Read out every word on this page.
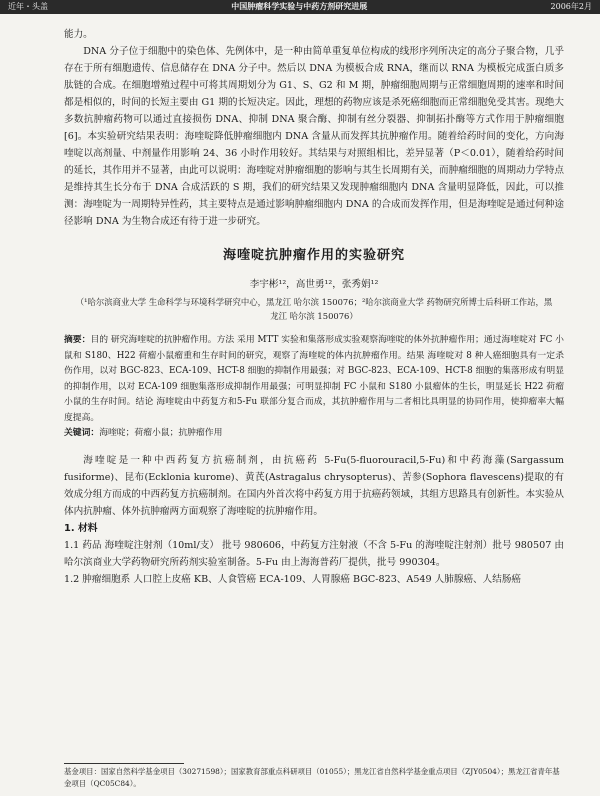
近年・头盖	中国肿瘤科学实验与中药方剂研究进展	2006年2月

能力。

DNA 分子位于细胞中的染色体、先例体中，是一种由简单重复单位构成的线形序列所决定的高分子聚合物，几乎存在于所有细胞遗传、信息储存在 DNA 分子中。然后以 DNA 为模板合成 RNA，继而以 RNA 为模板完成蛋白质多肽链的合成。在细胞增殖过程中可将其周期划分为 G1、S、G2 和 M 期，肿瘤细胞周期与正常细胞周期的速率和时间都是相似的，时间的长短主要由 G1 期的长短决定。因此，理想的药物应该是杀死癌细胞而正常细胞免受其害。现绝大多数抗肿瘤药物可以通过直接损伤 DNA、抑制 DNA 聚合酶、抑制有丝分裂器、抑制拓扑酶等方式作用于肿瘤细胞[6]。本实验研究结果表明：海喹啶降低肿瘤细胞内 DNA 含量从而发挥其抗肿瘤作用。随着给药时间的变化，方向海喹啶以高剂量、中剂量作用影响 24、36 小时作用较好。其结果与对照组相比，差异显著（P＜0.01），随着给药时间的延长，其作用并不显著，由此可以说明：海喹啶对肿瘤细胞的影响与其生长周期有关，而肿瘤细胞的周期动力学特点是维持其生长分布于 DNA 合成活跃的 S 期，我们的研究结果又发现肿瘤细胞内 DNA 含量明显降低，因此，可以推测：海喹啶为一周期特异性药，其主要特点是通过影响肿瘤细胞内 DNA 的合成而发挥作用，但是海喹啶是通过何种途径影响 DNA 为生物合成还有待于进一步研究。

海喹啶抗肿瘤作用的实验研究
李宇彬¹²，高世勇¹²，张秀娟¹²
（¹哈尔滨商业大学 生命科学与环境科学研究中心，黑龙江 哈尔滨 150076；²哈尔滨商业大学 药物研究所博士后科研工作站，黑龙江 哈尔滨 150076）

摘要：目的 研究海喹啶的抗肿瘤作用。方法 采用 MTT 实验和集落形成实验观察海喹啶的体外抗肿瘤作用；通过海喹啶对 FC 小鼠和 S180、H22 荷瘤小鼠瘤重和生存时间的研究，观察了海喹啶的体内抗肿瘤作用。结果 海喹啶对 8 种人癌细胞具有一定杀伤作用，以对 BGC-823、ECA-109、HCT-8 细胞的抑制作用最强；对 BGC-823、ECA-109、HCT-8 细胞的集落形成有明显的抑制作用，以对 ECA-109 细胞集落形成抑制作用最强；可明显抑制 FC 小鼠和 S180 小鼠瘤体的生长，明显延长 H22 荷瘤小鼠的生存时间。结论 海喹啶由中药复方和5-Fu 联部分复合而成，其抗肿瘤作用与二者相比具明显的协同作用，使抑瘤率大幅度提高。

关键词：海喹啶；荷瘤小鼠；抗肿瘤作用

海喹啶是一种中西药复方抗癌制剂，由抗癌药 5-Fu(5-fluorouracil,5-Fu)和中药海藻(Sargassum fusiforme)、昆布(Ecklonia kurome)、黄芪(Astragalus chrysopterus)、苦参(Sophora flavescens)提取的有效成分组方而成的中西药复方抗癌制剂。在国内外首次将中药复方用于抗癌药领域，其组方思路具有创新性。本实验从体内抗肿瘤、体外抗肿瘤两方面观察了海喹啶的抗肿瘤作用。

1. 材料

1.1 药品 海喹啶注射剂（10ml/支） 批号 980606，中药复方注射液（不含 5-Fu 的海喹啶注射剂）批号 980507 由哈尔滨商业大学药物研究所药剂实验室制备。5-Fu 由上海海普药厂提供，批号 990304。

1.2 肿瘤细胞系 人口腔上皮癌 KB、人食管癌 ECA-109、人胃腺癌 BGC-823、A549 人肺腺癌、人结肠癌

基金项目：国家自然科学基金项目（30271598）；国家教育部重点科研项目（01055）；黑龙江省自然科学基金重点项目（ZJY0504）；黑龙江省青年基金项目（QC05C84）。
